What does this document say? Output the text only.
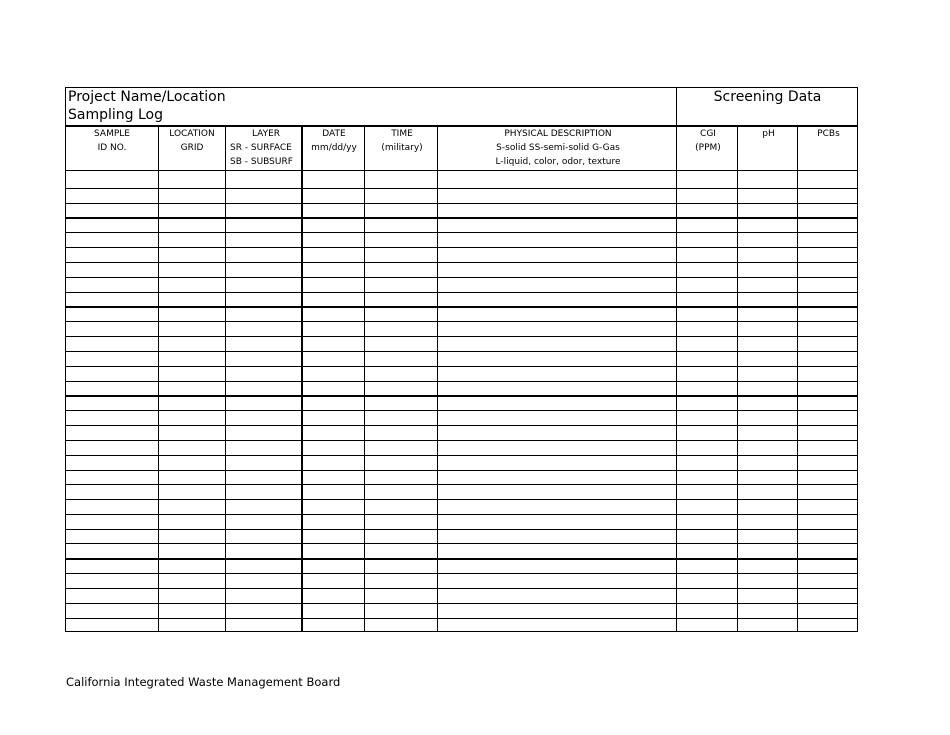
Project Name/Location
Sampling Log
Screening Data
SAMPLE
ID NO.
LOCATION
GRID
LAYER
SR - SURFACE
SB - SUBSURF
DATE
mm/dd/yy
TIME
(military)
PHYSICAL DESCRIPTION
S-solid SS-semi-solid G-Gas
L-liquid, color, odor, texture
CGI
(PPM)
pH	PCBs
California Integrated Waste Management Board
